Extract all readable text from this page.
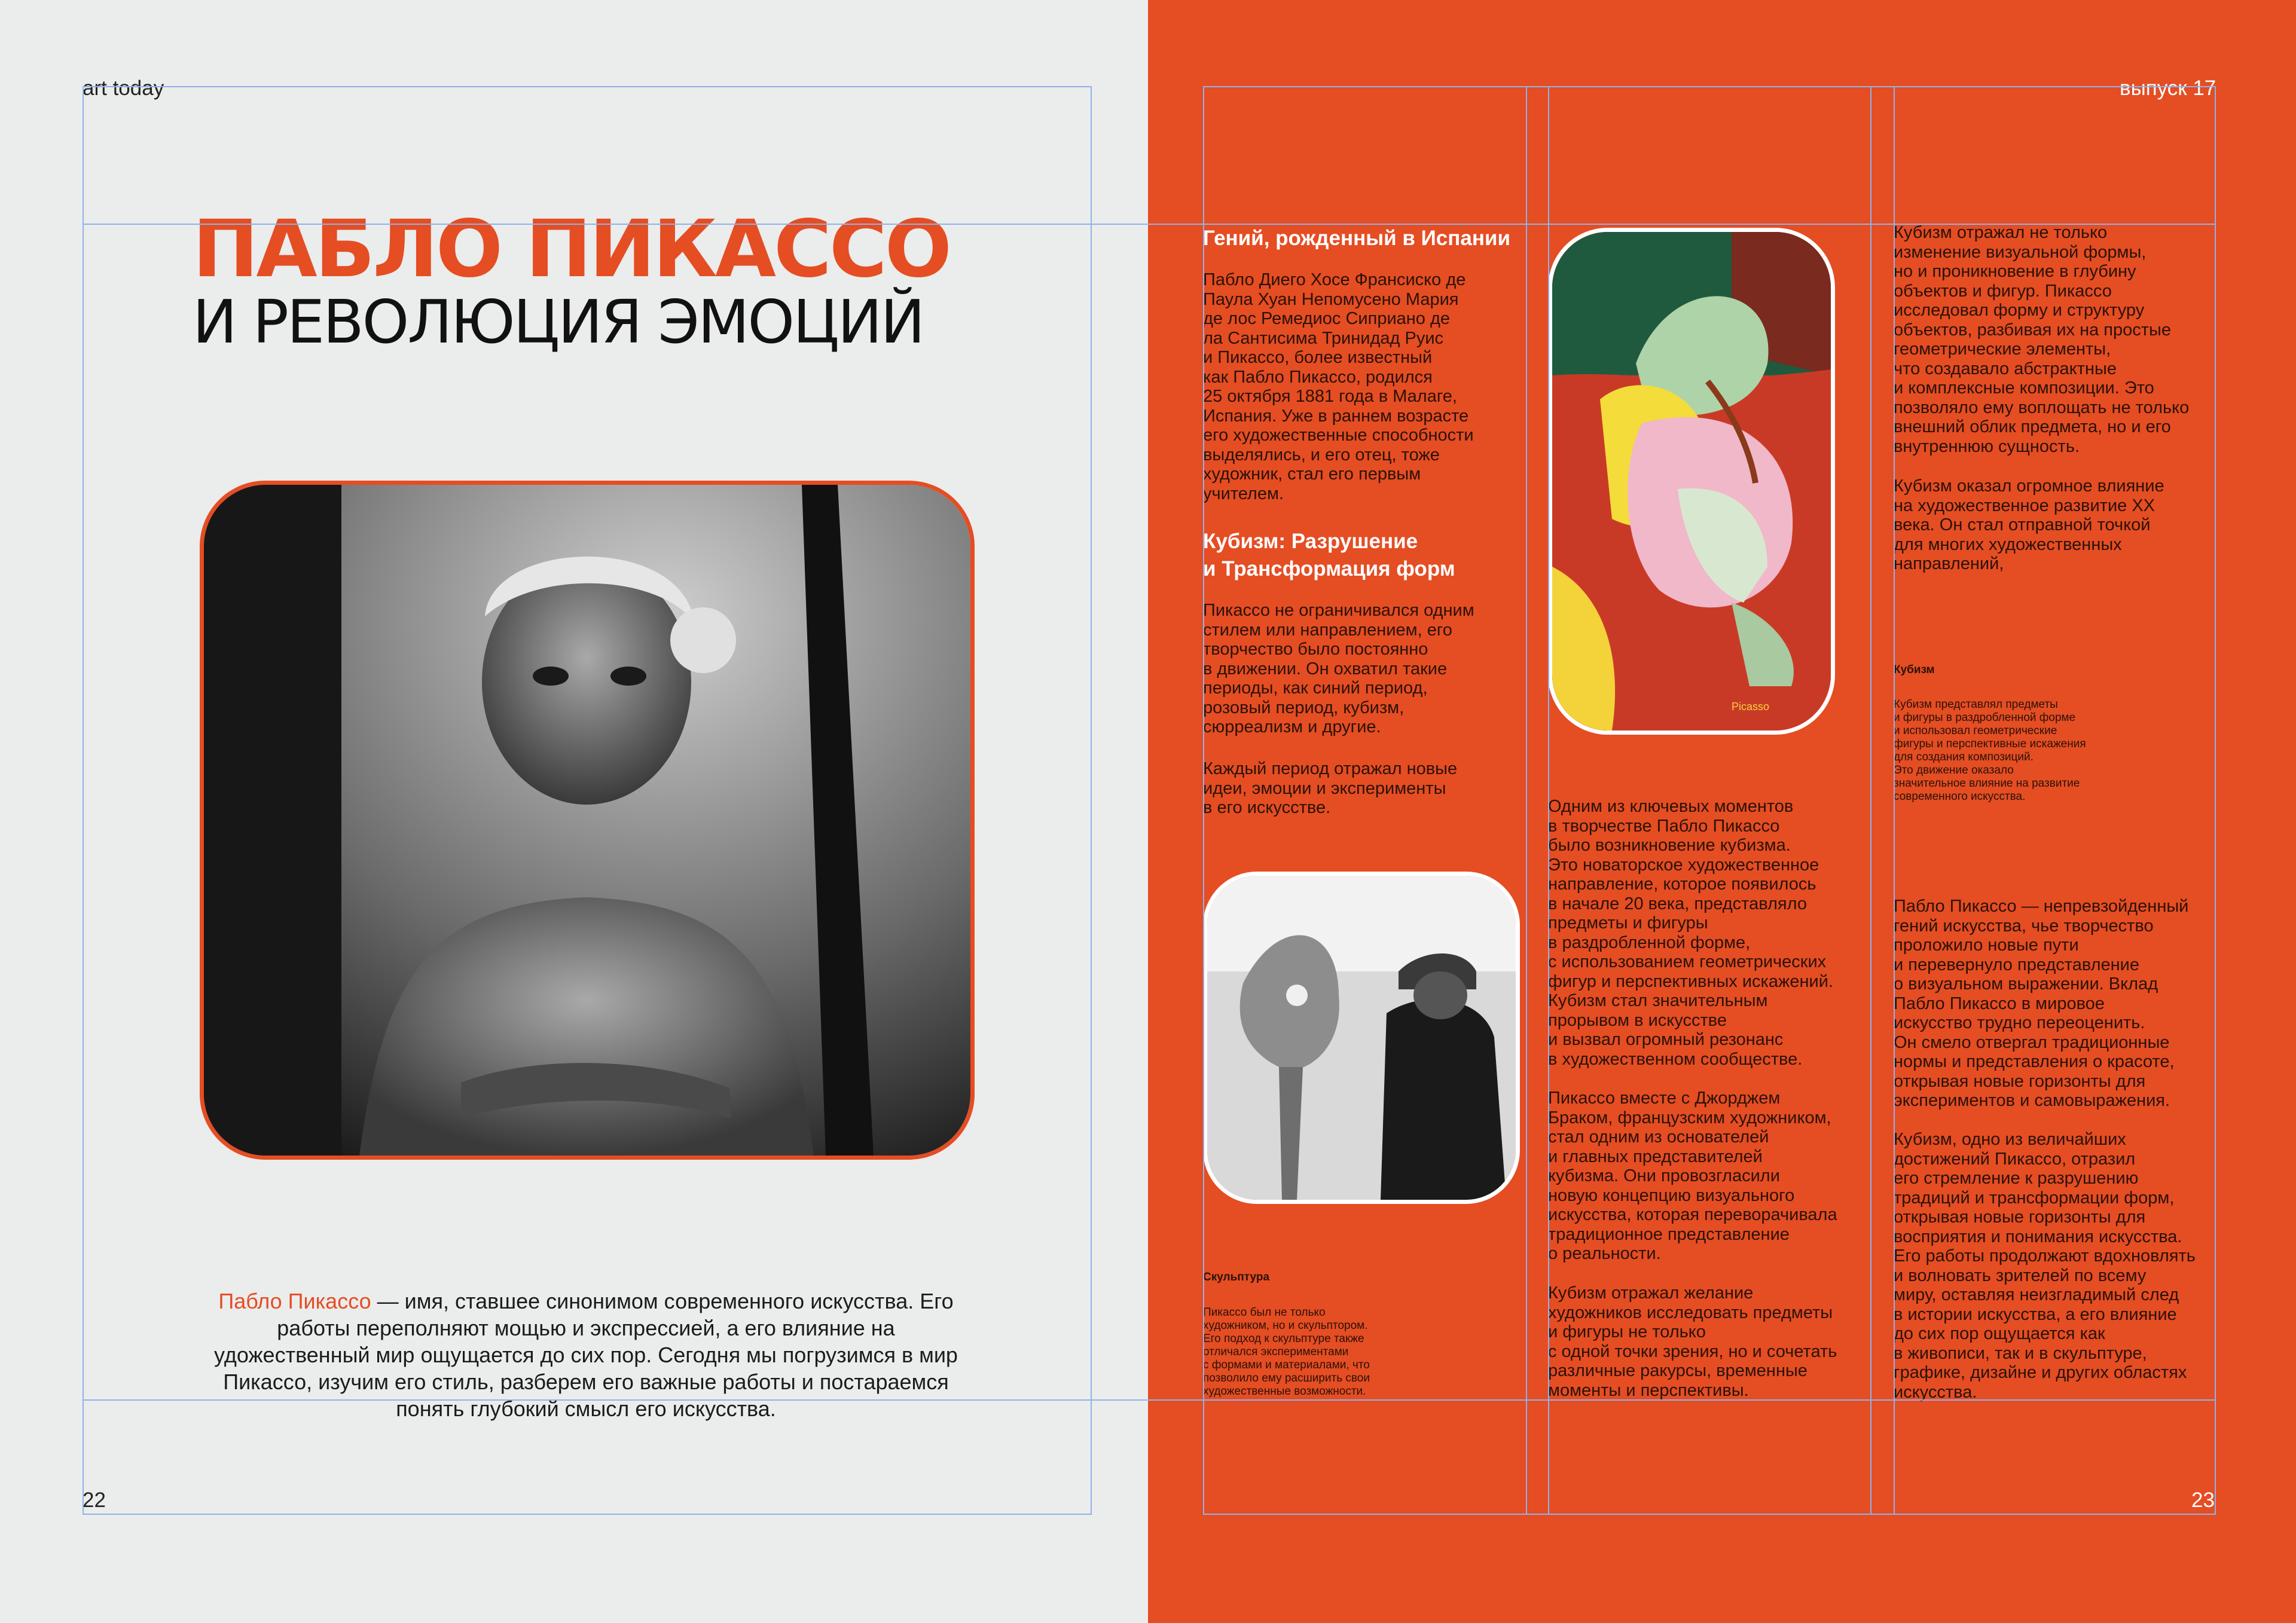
art today

ПАБЛО ПИКАССО

И РЕВОЛЮЦИЯ ЭМОЦИЙ

Пабло Пикассо — имя, ставшее синонимом современного искусства. Его работы переполняют мощью и экспрессией, а его влияние на удожественный мир ощущается до сих пор. Сегодня мы погрузимся в мир Пикассо, изучим его стиль, разберем его важные работы и постараемся понять глубокий смысл его искусства.

22

выпуск 17

Гений, рожденный в Испании
Пабло Диего Хосе Франсиско де
Паула Хуан Непомусено Мария
де лос Ремедиос Сиприано де
ла Сантисима Тринидад Руис
и Пикассо, более известный
как Пабло Пикассо, родился
25 октября 1881 года в Малаге,
Испания. Уже в раннем возрасте
его художественные способности
выделялись, и его отец, тоже
художник, стал его первым
учителем.
Кубизм: Разрушение
и Трансформация форм
Пикассо не ограничивался одним
стилем или направлением, его
творчество было постоянно
в движении. Он охватил такие
периоды, как синий период,
розовый период, кубизм,
сюрреализм и другие.
Каждый период отражал новые
идеи, эмоции и эксперименты
в его искусстве.
Скульптура
Пикассо был не только
художником, но и скульптором.
Его подход к скульптуре также
отличался экспериментами
с формами и материалами, что
позволило ему расширить свои
художественные возможности.
Picasso
Одним из ключевых моментов
в творчестве Пабло Пикассо
было возникновение кубизма.
Это новаторское художественное
направление, которое появилось
в начале 20 века, представляло
предметы и фигуры
в раздробленной форме,
с использованием геометрических
фигур и перспективных искажений.
Кубизм стал значительным
прорывом в искусстве
и вызвал огромный резонанс
в художественном сообществе.
Пикассо вместе с Джорджем
Браком, французским художником,
стал одним из основателей
и главных представителей
кубизма. Они провозгласили
новую концепцию визуального
искусства, которая переворачивала
традиционное представление
о реальности.
Кубизм отражал желание
художников исследовать предметы
и фигуры не только
с одной точки зрения, но и сочетать
различные ракурсы, временные
моменты и перспективы.
Кубизм отражал не только
изменение визуальной формы,
но и проникновение в глубину
объектов и фигур. Пикассо
исследовал форму и структуру
объектов, разбивая их на простые
геометрические элементы,
что создавало абстрактные
и комплексные композиции. Это
позволяло ему воплощать не только
внешний облик предмета, но и его
внутреннюю сущность.
Кубизм оказал огромное влияние
на художественное развитие XX
века. Он стал отправной точкой
для многих художественных
направлений,
Кубизм
Кубизм представлял предметы
и фигуры в раздробленной форме
и использовал геометрические
фигуры и перспективные искажения
для создания композиций.
Это движение оказало
значительное влияние на развитие
современного искусства.
Пабло Пикассо — непревзойденный
гений искусства, чье творчество
проложило новые пути
и перевернуло представление
о визуальном выражении. Вклад
Пабло Пикассо в мировое
искусство трудно переоценить.
Он смело отвергал традиционные
нормы и представления о красоте,
открывая новые горизонты для
экспериментов и самовыражения.
Кубизм, одно из величайших
достижений Пикассо, отразил
его стремление к разрушению
традиций и трансформации форм,
открывая новые горизонты для
восприятия и понимания искусства.
Его работы продолжают вдохновлять
и волновать зрителей по всему
миру, оставляя неизгладимый след
в истории искусства, а его влияние
до сих пор ощущается как
в живописи, так и в скульптуре,
графике, дизайне и других областях
искусства.

23
